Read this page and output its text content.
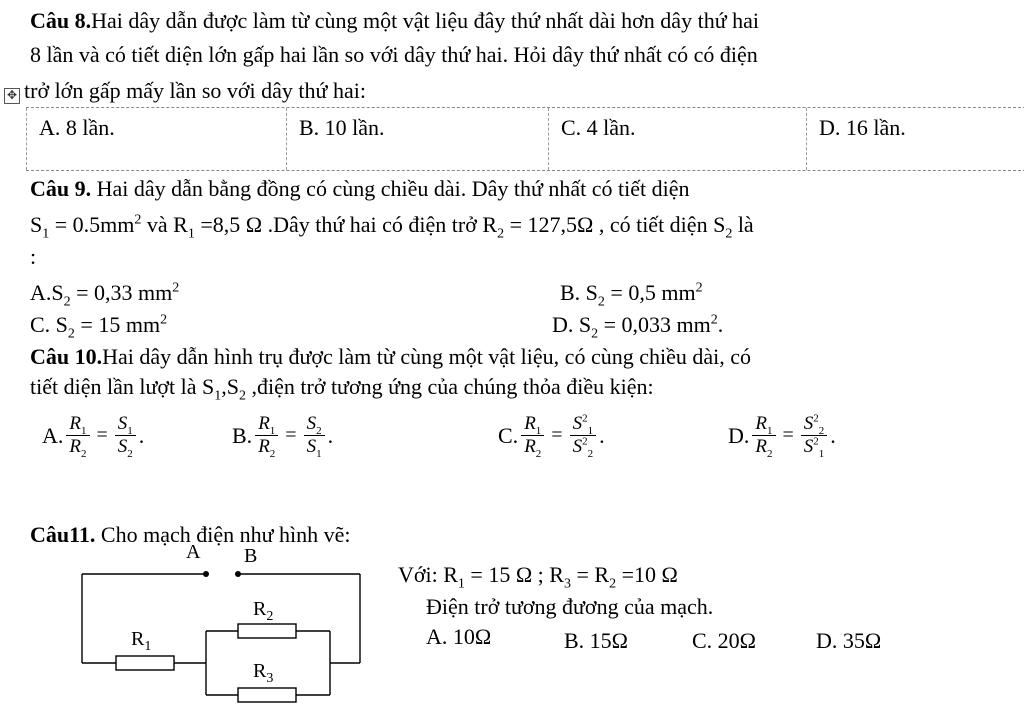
Câu 8.Hai dây dẫn được làm từ cùng một vật liệu đây thứ nhất dài hơn dây thứ hai
8 lần và có tiết diện lớn gấp hai lần so với dây thứ hai. Hỏi dây thứ nhất có có điện
✥ trở lớn gấp mấy lần so với dây thứ hai:
A. 8 lần.	B. 10 lần.	C. 4 lần.	D. 16 lần.
Câu 9. Hai dây dẫn bằng đồng có cùng chiều dài. Dây thứ nhất có tiết diện
$S_1 = 0.5mm^2$ và $R_1 =8,5$ Ω .Dây thứ hai có điện trở $R_2 = 127,5\Omega$ , có tiết diện $S_2$ là
:
$A.S_2 = 0,33$ $mm^2$	B. $S_2 = 0,5$ $mm^2$
C. $S_2 = 15$ $mm^2$	D. $S_2 = 0,033$ $mm^2$.
Câu 10.Hai dây dẫn hình trụ được làm từ cùng một vật liệu, có cùng chiều dài, có
tiết diện lần lượt là $S_1,S_2$ ,điện trở tương ứng của chúng thỏa điều kiện:
A. $\frac{R_1}{R_2} = \frac{S_1}{S_2}$ .	B. $\frac{R_1}{R_2} = \frac{S_2}{S_1}$ .	C. $\frac{R_1}{R_2} = \frac{S^2_1}{S^2_2}$ .	D. $\frac{R_1}{R_2} = \frac{S^2_2}{S^2_1}$ .
Câu11. Cho mạch điện như hình vẽ:
A B
$R_2$
$R_1$
$R_3$
Với: $R_1 = 15$ Ω ; $R_3 = R_2 =10$ Ω
Điện trở tương đương của mạch.
A. 10Ω	B. 15Ω	C. 20Ω	D. 35Ω
